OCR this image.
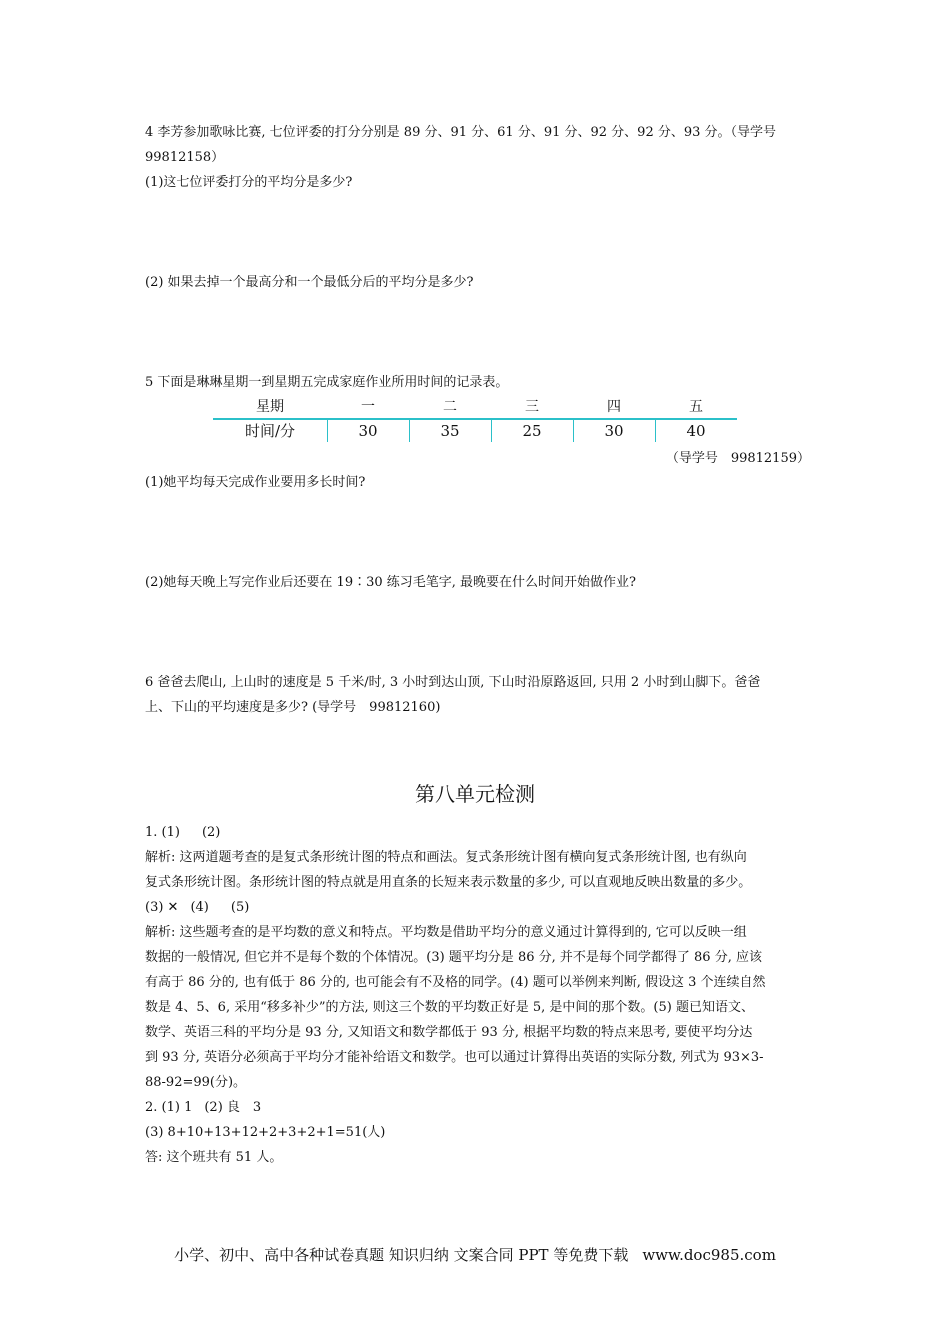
4 李芳参加歌咏比赛, 七位评委的打分分别是 89 分、91 分、61 分、91 分、92 分、92 分、93 分。（导学号
99812158）
(1)这七位评委打分的平均分是多少?
(2) 如果去掉一个最高分和一个最低分后的平均分是多少?
5 下面是琳琳星期一到星期五完成家庭作业所用时间的记录表。
星期	一	二	三	四	五
时间/分	30	35	25	30	40
（导学号　99812159）
(1)她平均每天完成作业要用多长时间?
(2)她每天晚上写完作业后还要在 19∶30 练习毛笔字, 最晚要在什么时间开始做作业?
6 爸爸去爬山, 上山时的速度是 5 千米/时, 3 小时到达山顶, 下山时沿原路返回, 只用 2 小时到山脚下。爸爸
上、下山的平均速度是多少? (导学号　99812160)
第八单元检测
1. (1) (2)
解析: 这两道题考查的是复式条形统计图的特点和画法。复式条形统计图有横向复式条形统计图, 也有纵向
复式条形统计图。条形统计图的特点就是用直条的长短来表示数量的多少, 可以直观地反映出数量的多少。
(3) ✕ (4) (5)
解析: 这些题考查的是平均数的意义和特点。平均数是借助平均分的意义通过计算得到的, 它可以反映一组
数据的一般情况, 但它并不是每个数的个体情况。(3) 题平均分是 86 分, 并不是每个同学都得了 86 分, 应该
有高于 86 分的, 也有低于 86 分的, 也可能会有不及格的同学。(4) 题可以举例来判断, 假设这 3 个连续自然
数是 4、5、6, 采用“移多补少”的方法, 则这三个数的平均数正好是 5, 是中间的那个数。(5) 题已知语文、
数学、英语三科的平均分是 93 分, 又知语文和数学都低于 93 分, 根据平均数的特点来思考, 要使平均分达
到 93 分, 英语分必须高于平均分才能补给语文和数学。也可以通过计算得出英语的实际分数, 列式为 93×3-
88-92=99(分)。
2. (1) 1 (2) 良　3
(3) 8+10+13+12+2+3+2+1=51(人)
答: 这个班共有 51 人。
小学、初中、高中各种试卷真题 知识归纳 文案合同 PPT 等免费下载 www.doc985.com
